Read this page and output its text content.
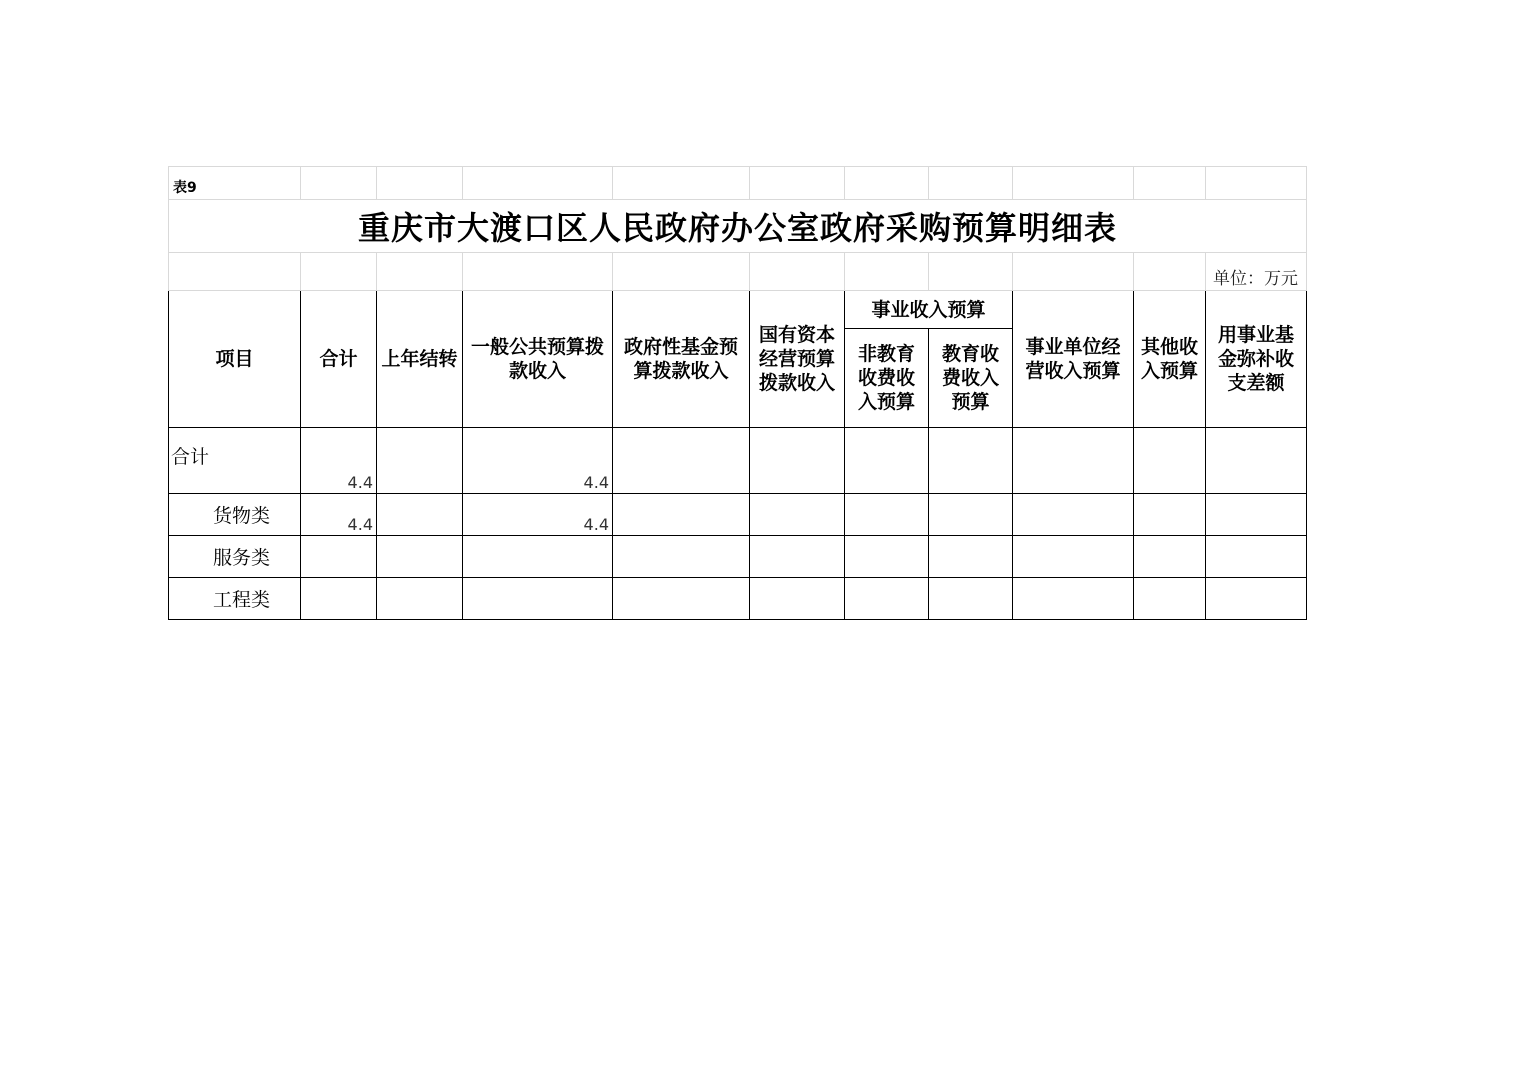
表9										
重庆市大渡口区人民政府办公室政府采购预算明细表										
										单位：万元

项目	合计	上年结转	一般公共预算拨款收入	政府性基金预算拨款收入	国有资本经营预算拨款收入	事业收入预算		事业单位经营收入预算	其他收入预算	用事业基金弥补收支差额

						非教育收费收入预算	教育收费收入预算			

合计	4.4		4.4							
货物类	4.4		4.4							
服务类										
工程类										
